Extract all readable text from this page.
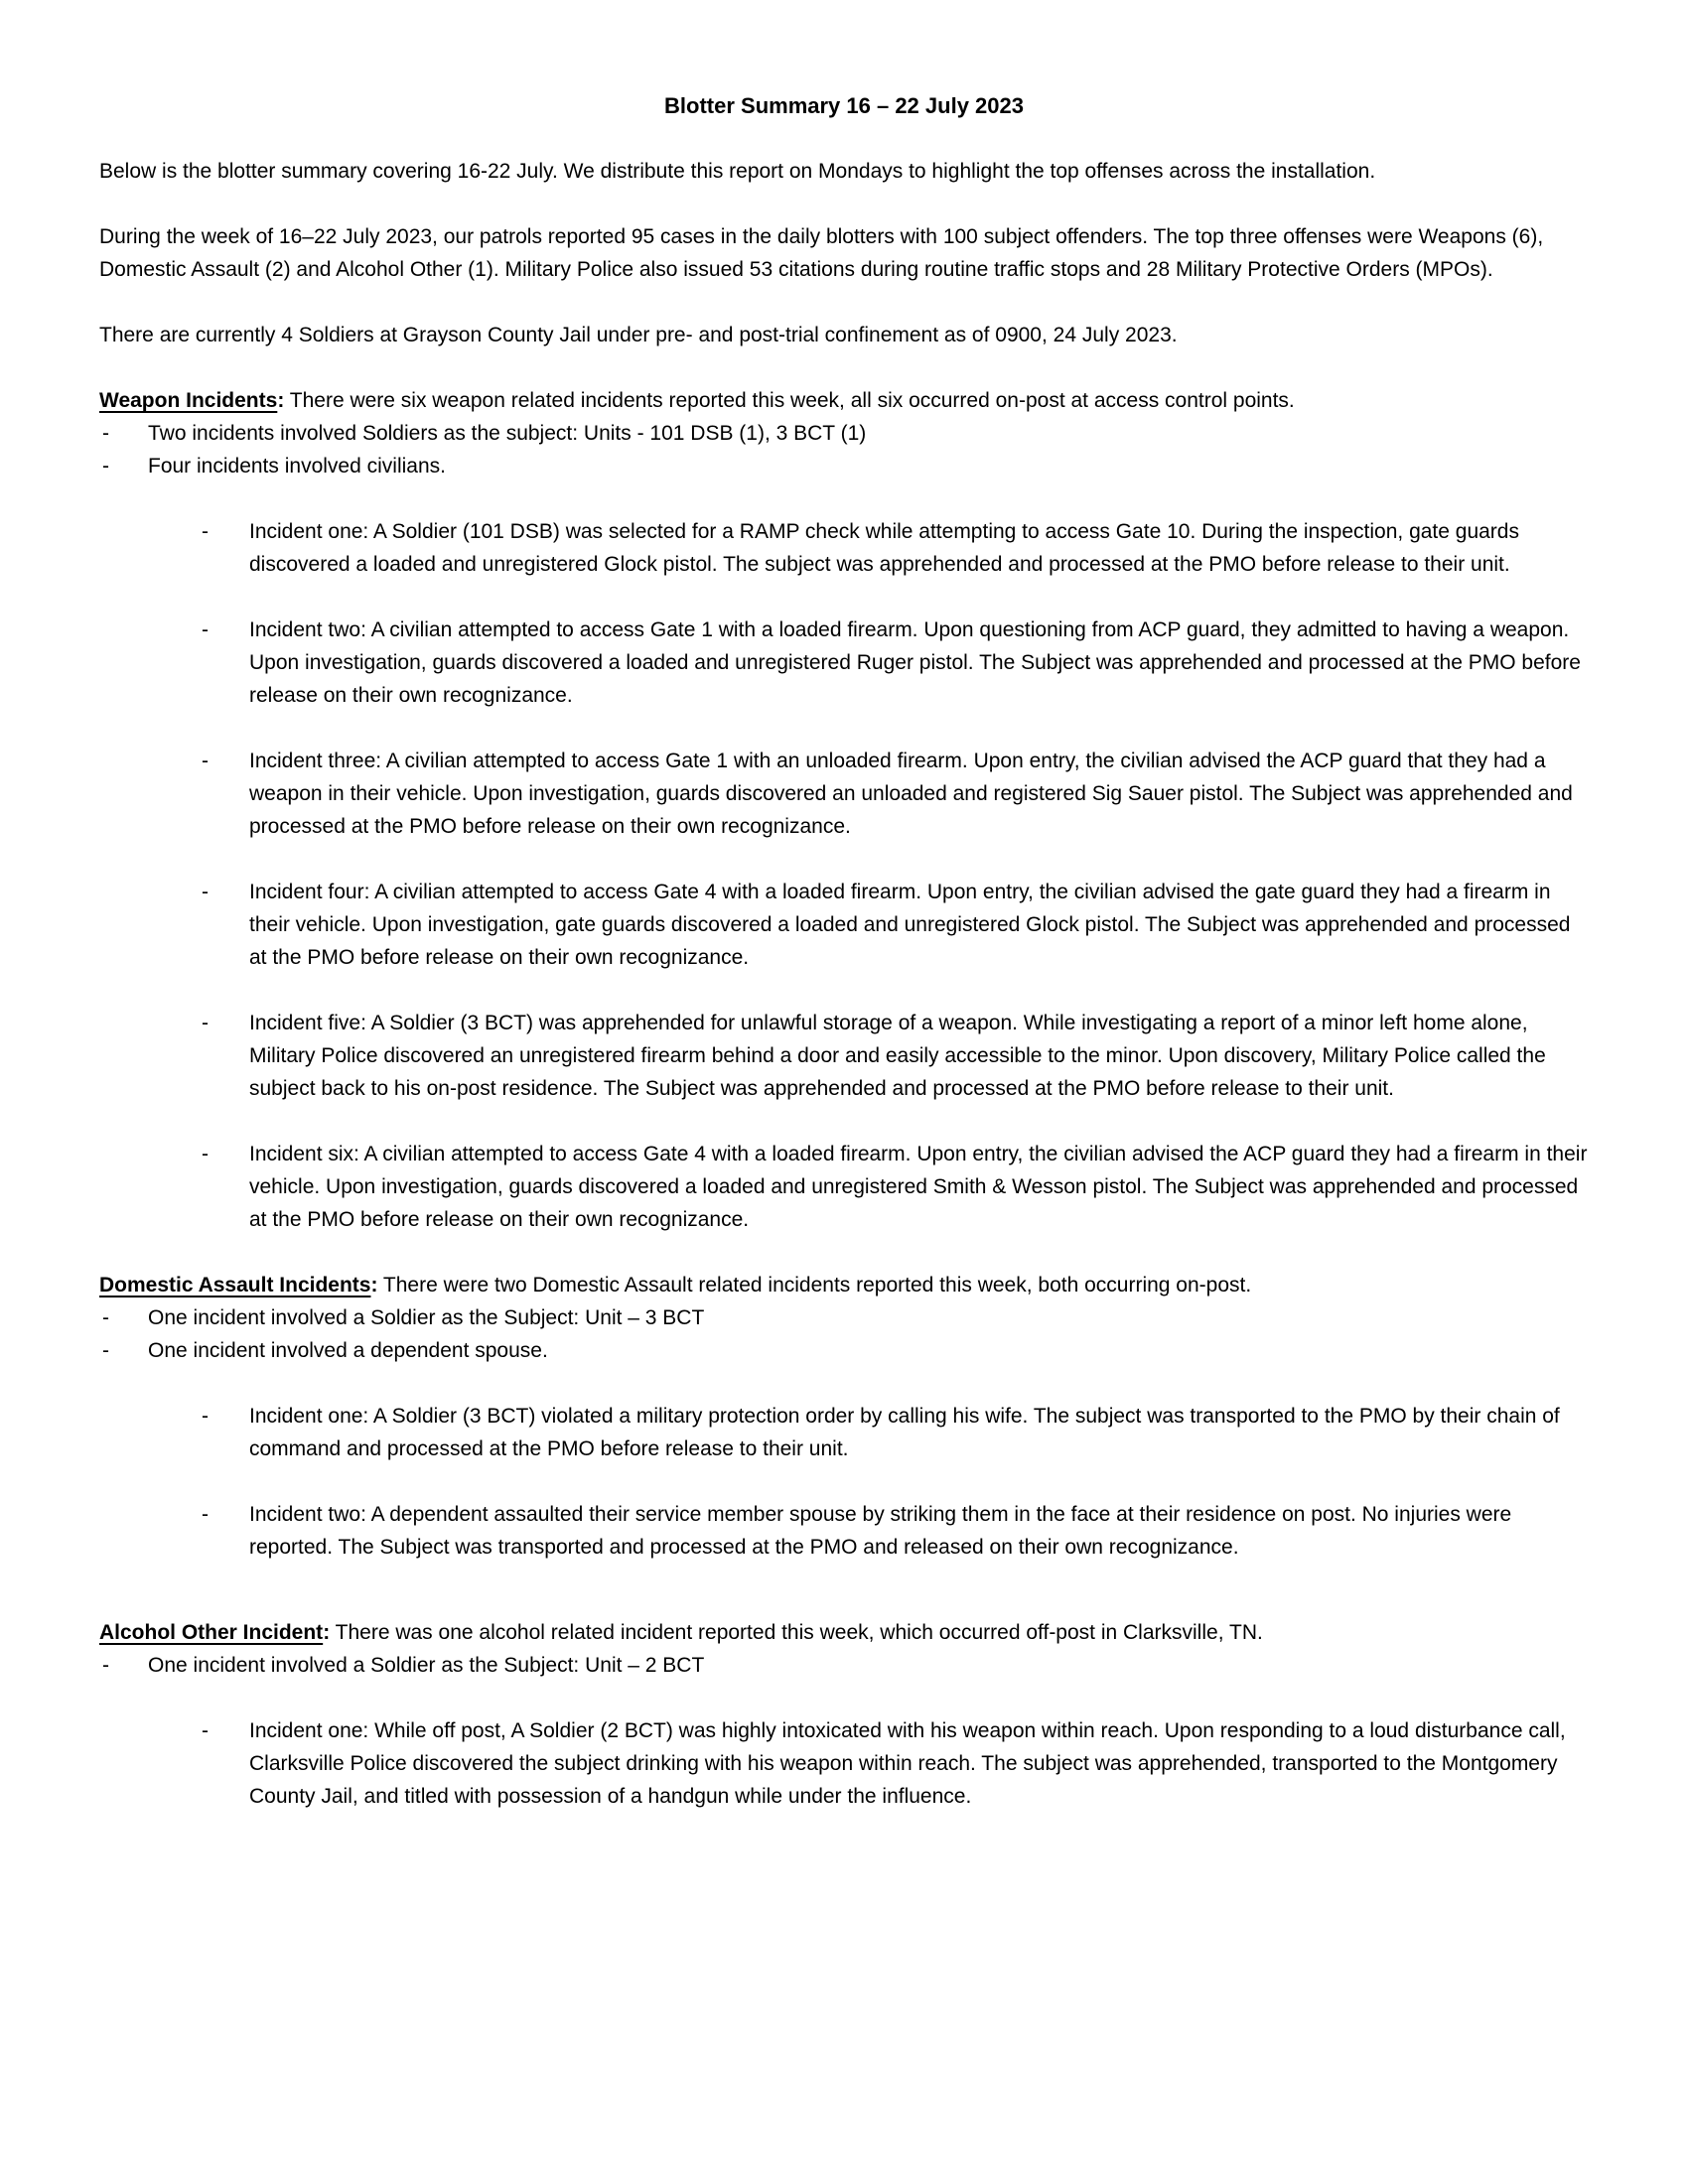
Blotter Summary 16 – 22 July 2023

Below is the blotter summary covering 16-22 July. We distribute this report on Mondays to highlight the top offenses across the installation.

During the week of 16–22 July 2023, our patrols reported 95 cases in the daily blotters with 100 subject offenders. The top three offenses were Weapons (6), Domestic Assault (2) and Alcohol Other (1). Military Police also issued 53 citations during routine traffic stops and 28 Military Protective Orders (MPOs).

There are currently 4 Soldiers at Grayson County Jail under pre- and post-trial confinement as of 0900, 24 July 2023.

Weapon Incidents: There were six weapon related incidents reported this week, all six occurred on-post at access control points.

-	Two incidents involved Soldiers as the subject: Units - 101 DSB (1), 3 BCT (1)
-	Four incidents involved civilians.
-	Incident one: A Soldier (101 DSB) was selected for a RAMP check while attempting to access Gate 10. During the inspection, gate guards discovered a loaded and unregistered Glock pistol. The subject was apprehended and processed at the PMO before release to their unit.
-	Incident two: A civilian attempted to access Gate 1 with a loaded firearm. Upon questioning from ACP guard, they admitted to having a weapon. Upon investigation, guards discovered a loaded and unregistered Ruger pistol. The Subject was apprehended and processed at the PMO before release on their own recognizance.
-	Incident three: A civilian attempted to access Gate 1 with an unloaded firearm. Upon entry, the civilian advised the ACP guard that they had a weapon in their vehicle. Upon investigation, guards discovered an unloaded and registered Sig Sauer pistol. The Subject was apprehended and processed at the PMO before release on their own recognizance.
-	Incident four: A civilian attempted to access Gate 4 with a loaded firearm. Upon entry, the civilian advised the gate guard they had a firearm in their vehicle. Upon investigation, gate guards discovered a loaded and unregistered Glock pistol. The Subject was apprehended and processed at the PMO before release on their own recognizance.
-	Incident five: A Soldier (3 BCT) was apprehended for unlawful storage of a weapon. While investigating a report of a minor left home alone, Military Police discovered an unregistered firearm behind a door and easily accessible to the minor. Upon discovery, Military Police called the subject back to his on-post residence. The Subject was apprehended and processed at the PMO before release to their unit.
-	Incident six: A civilian attempted to access Gate 4 with a loaded firearm. Upon entry, the civilian advised the ACP guard they had a firearm in their vehicle. Upon investigation, guards discovered a loaded and unregistered Smith & Wesson pistol. The Subject was apprehended and processed at the PMO before release on their own recognizance.

Domestic Assault Incidents: There were two Domestic Assault related incidents reported this week, both occurring on-post.

-	One incident involved a Soldier as the Subject: Unit – 3 BCT
-	One incident involved a dependent spouse.
-	Incident one: A Soldier (3 BCT) violated a military protection order by calling his wife. The subject was transported to the PMO by their chain of command and processed at the PMO before release to their unit.
-	Incident two: A dependent assaulted their service member spouse by striking them in the face at their residence on post. No injuries were reported. The Subject was transported and processed at the PMO and released on their own recognizance.

Alcohol Other Incident: There was one alcohol related incident reported this week, which occurred off-post in Clarksville, TN.

-	One incident involved a Soldier as the Subject: Unit – 2 BCT
-	Incident one: While off post, A Soldier (2 BCT) was highly intoxicated with his weapon within reach. Upon responding to a loud disturbance call, Clarksville Police discovered the subject drinking with his weapon within reach. The subject was apprehended, transported to the Montgomery County Jail, and titled with possession of a handgun while under the influence.
